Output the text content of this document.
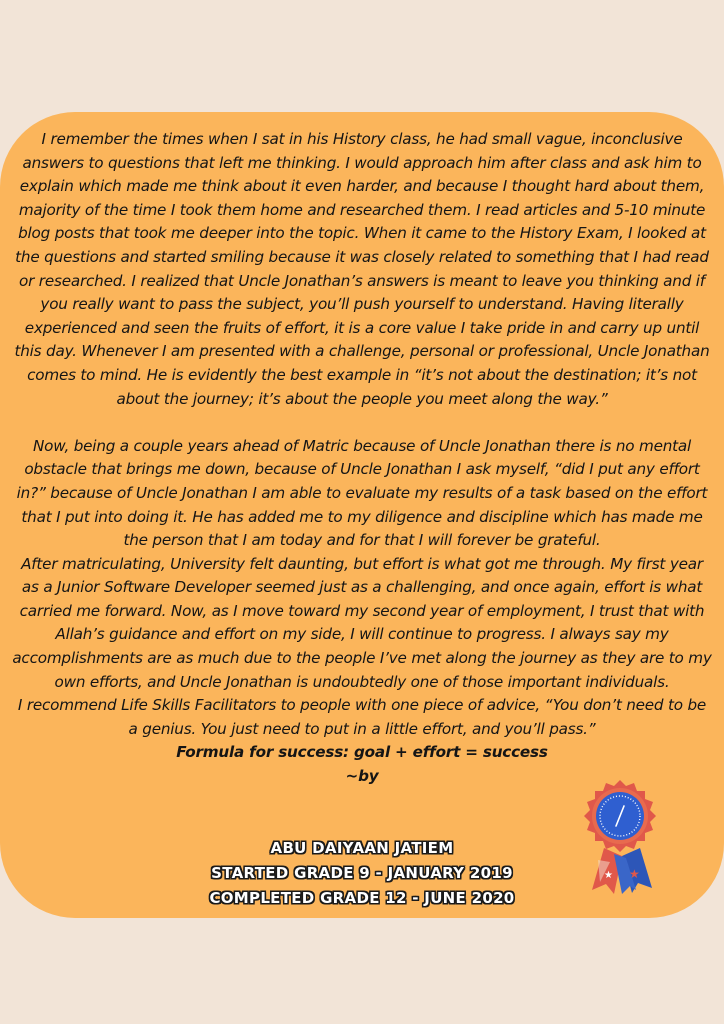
I remember the times when I sat in his History class, he had small vague, inconclusive answers to questions that left me thinking. I would approach him after class and ask him to explain which made me think about it even harder, and because I thought hard about them, majority of the time I took them home and researched them. I read articles and 5-10 minute blog posts that took me deeper into the topic. When it came to the History Exam, I looked at the questions and started smiling because it was closely related to something that I had read or researched. I realized that Uncle Jonathan’s answers is meant to leave you thinking and if you really want to pass the subject, you’ll push yourself to understand. Having literally experienced and seen the fruits of effort, it is a core value I take pride in and carry up until this day. Whenever I am presented with a challenge, personal or professional, Uncle Jonathan comes to mind. He is evidently the best example in “it’s not about the destination; it’s not about the journey; it’s about the people you meet along the way.”

Now, being a couple years ahead of Matric because of Uncle Jonathan there is no mental obstacle that brings me down, because of Uncle Jonathan I ask myself, “did I put any effort in?” because of Uncle Jonathan I am able to evaluate my results of a task based on the effort that I put into doing it. He has added me to my diligence and discipline which has made me the person that I am today and for that I will forever be grateful.

After matriculating, University felt daunting, but effort is what got me through. My first year as a Junior Software Developer seemed just as a challenging, and once again, effort is what carried me forward. Now, as I move toward my second year of employment, I trust that with Allah’s guidance and effort on my side, I will continue to progress. I always say my accomplishments are as much due to the people I’ve met along the journey as they are to my own efforts, and Uncle Jonathan is undoubtedly one of those important individuals.

I recommend Life Skills Facilitators to people with one piece of advice, “You don’t need to be a genius. You just need to put in a little effort, and you’ll pass.”

Formula for success: goal + effort = success

~by

ABU DAIYAAN JATIEM
STARTED GRADE 9 - JANUARY 2019
COMPLETED GRADE 12 - JUNE 2020
★ ★
